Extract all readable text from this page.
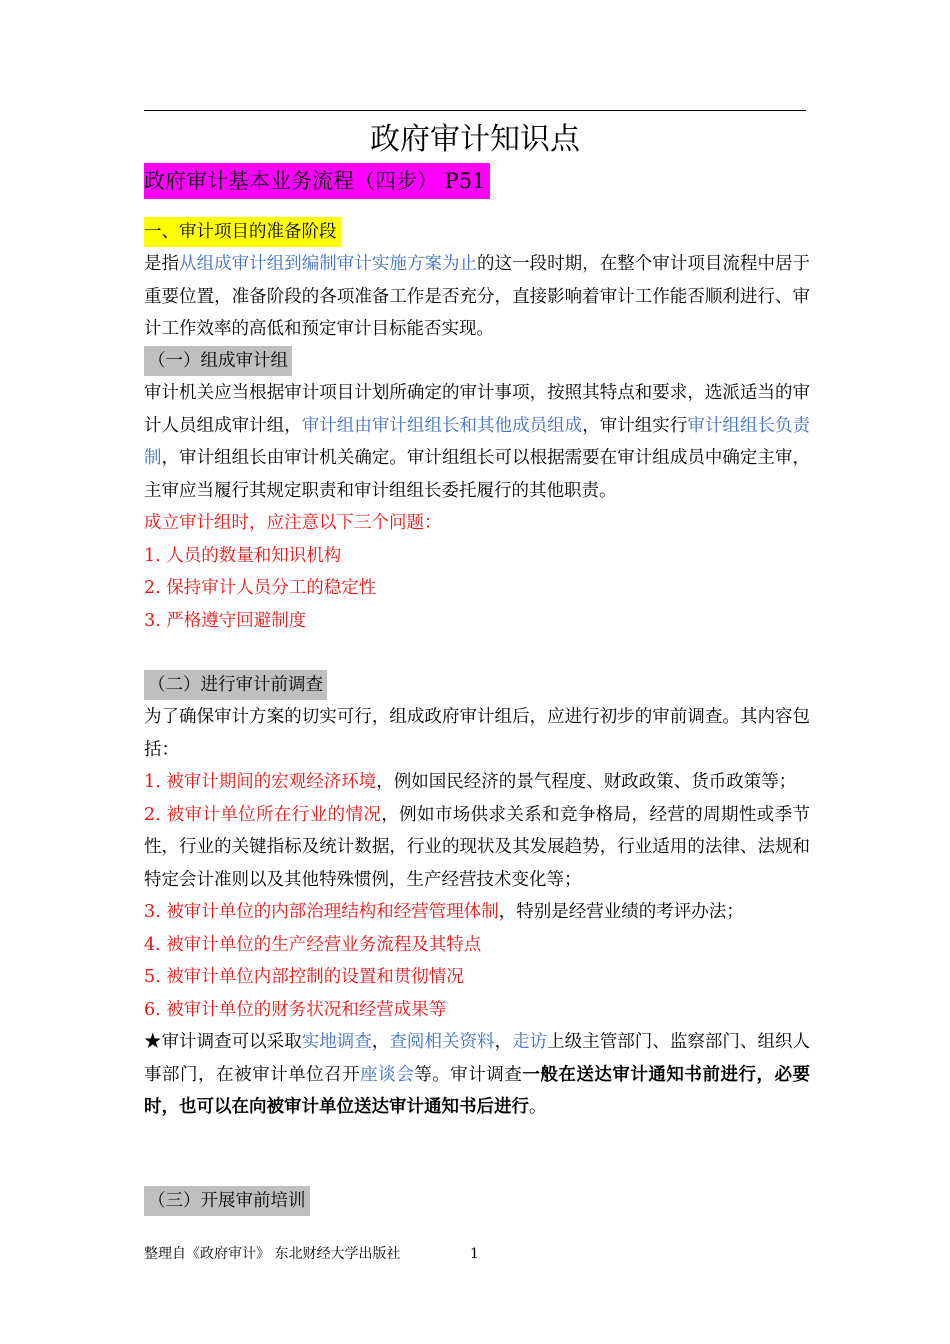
政府审计知识点
政府审计基本业务流程（四步） P51
一、审计项目的准备阶段

是指从组成审计组到编制审计实施方案为止的这一段时期，在整个审计项目流程中居于重要位置，准备阶段的各项准备工作是否充分，直接影响着审计工作能否顺利进行、审计工作效率的高低和预定审计目标能否实现。

（一）组成审计组

审计机关应当根据审计项目计划所确定的审计事项，按照其特点和要求，选派适当的审计人员组成审计组，审计组由审计组组长和其他成员组成，审计组实行审计组组长负责制，审计组组长由审计机关确定。审计组组长可以根据需要在审计组成员中确定主审，主审应当履行其规定职责和审计组组长委托履行的其他职责。

成立审计组时，应注意以下三个问题：

1. 人员的数量和知识机构

2. 保持审计人员分工的稳定性

3. 严格遵守回避制度

（二）进行审计前调查

为了确保审计方案的切实可行，组成政府审计组后，应进行初步的审前调查。其内容包括：

1. 被审计期间的宏观经济环境，例如国民经济的景气程度、财政政策、货币政策等；

2. 被审计单位所在行业的情况，例如市场供求关系和竞争格局，经营的周期性或季节性，行业的关键指标及统计数据，行业的现状及其发展趋势，行业适用的法律、法规和特定会计准则以及其他特殊惯例，生产经营技术变化等；

3. 被审计单位的内部治理结构和经营管理体制，特别是经营业绩的考评办法；

4. 被审计单位的生产经营业务流程及其特点

5. 被审计单位内部控制的设置和贯彻情况

6. 被审计单位的财务状况和经营成果等

★审计调查可以采取实地调查，查阅相关资料，走访上级主管部门、监察部门、组织人事部门，在被审计单位召开座谈会等。审计调查一般在送达审计通知书前进行，必要时，也可以在向被审计单位送达审计通知书后进行。

（三）开展审前培训
整理自《政府审计》 东北财经大学出版社	1
